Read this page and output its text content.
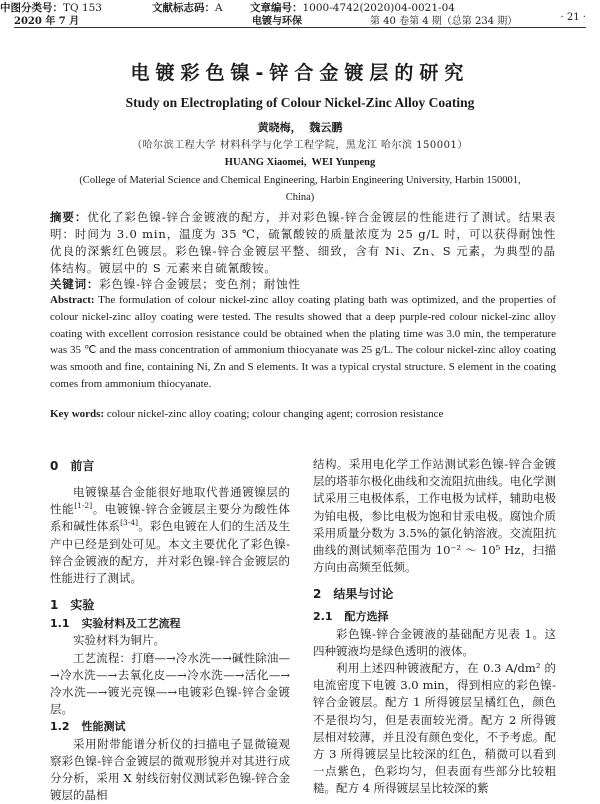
2020 年 7 月	电镀与环保	第 40 卷第 4 期（总第 234 期）	· 21 ·
电镀彩色镍-锌合金镀层的研究
Study on Electroplating of Colour Nickel-Zinc Alloy Coating
黄晓梅，  魏云鹏
（哈尔滨工程大学 材料科学与化学工程学院，黑龙江 哈尔滨 150001）
HUANG Xiaomei,  WEI Yunpeng
(College of Material Science and Chemical Engineering, Harbin Engineering University, Harbin 150001, China)
摘要：优化了彩色镍-锌合金镀液的配方，并对彩色镍-锌合金镀层的性能进行了测试。结果表明：时间为 3.0 min，温度为 35 ℃，硫氰酸铵的质量浓度为 25 g/L 时，可以获得耐蚀性优良的深紫红色镀层。彩色镍-锌合金镀层平整、细致，含有 Ni、Zn、S 元素，为典型的晶体结构。镀层中的 S 元素来自硫氰酸铵。
关键词：彩色镍-锌合金镀层；变色剂；耐蚀性
Abstract: The formulation of colour nickel-zinc alloy coating plating bath was optimized, and the properties of colour nickel-zinc alloy coating were tested. The results showed that a deep purple-red colour nickel-zinc alloy coating with excellent corrosion resistance could be obtained when the plating time was 3.0 min, the temperature was 35 ℃ and the mass concentration of ammonium thiocyanate was 25 g/L. The colour nickel-zinc alloy coating was smooth and fine, containing Ni, Zn and S elements. It was a typical crystal structure. S element in the coating comes from ammonium thiocyanate.
Key words: colour nickel-zinc alloy coating; colour changing agent; corrosion resistance
中图分类号：TQ 153	文献标志码：A	文章编号：1000-4742(2020)04-0021-04
0 前言

电镀镍基合金能很好地取代普通镀镍层的性能[1-2]。电镀镍-锌合金镀层主要分为酸性体系和碱性体系[3-4]。彩色电镀在人们的生活及生产中已经是到处可见。本文主要优化了彩色镍-锌合金镀液的配方，并对彩色镍-锌合金镀层的性能进行了测试。

1 实验
1.1 实验材料及工艺流程

实验材料为铜片。

工艺流程：打磨—→冷水洗—→碱性除油—→冷水洗—→去氧化皮—→冷水洗—→活化—→冷水洗—→镀光亮镍—→电镀彩色镍-锌合金镀层。

1.2 性能测试

采用附带能谱分析仪的扫描电子显微镜观察彩色镍-锌合金镀层的微观形貌并对其进行成分分析，采用 X 射线衍射仪测试彩色镍-锌合金镀层的晶相

结构。采用电化学工作站测试彩色镍-锌合金镀层的塔菲尔极化曲线和交流阻抗曲线。电化学测试采用三电极体系，工作电极为试样，辅助电极为铂电极，参比电极为饱和甘汞电极。腐蚀介质采用质量分数为 3.5%的氯化钠溶液。交流阻抗曲线的测试频率范围为 10⁻² ～ 10⁵ Hz，扫描方向由高频至低频。

2 结果与讨论
2.1 配方选择

彩色镍-锌合金镀液的基础配方见表 1。这四种镀液均是绿色透明的液体。

利用上述四种镀液配方，在 0.3 A/dm² 的电流密度下电镀 3.0 min，得到相应的彩色镍-锌合金镀层。配方 1 所得镀层呈橘红色，颜色不是很均匀，但是表面较光滑。配方 2 所得镀层相对较薄，并且没有颜色变化，不予考虑。配方 3 所得镀层呈比较深的红色，稍微可以看到一点紫色，色彩均匀，但表面有些部分比较粗糙。配方 4 所得镀层呈比较深的紫
